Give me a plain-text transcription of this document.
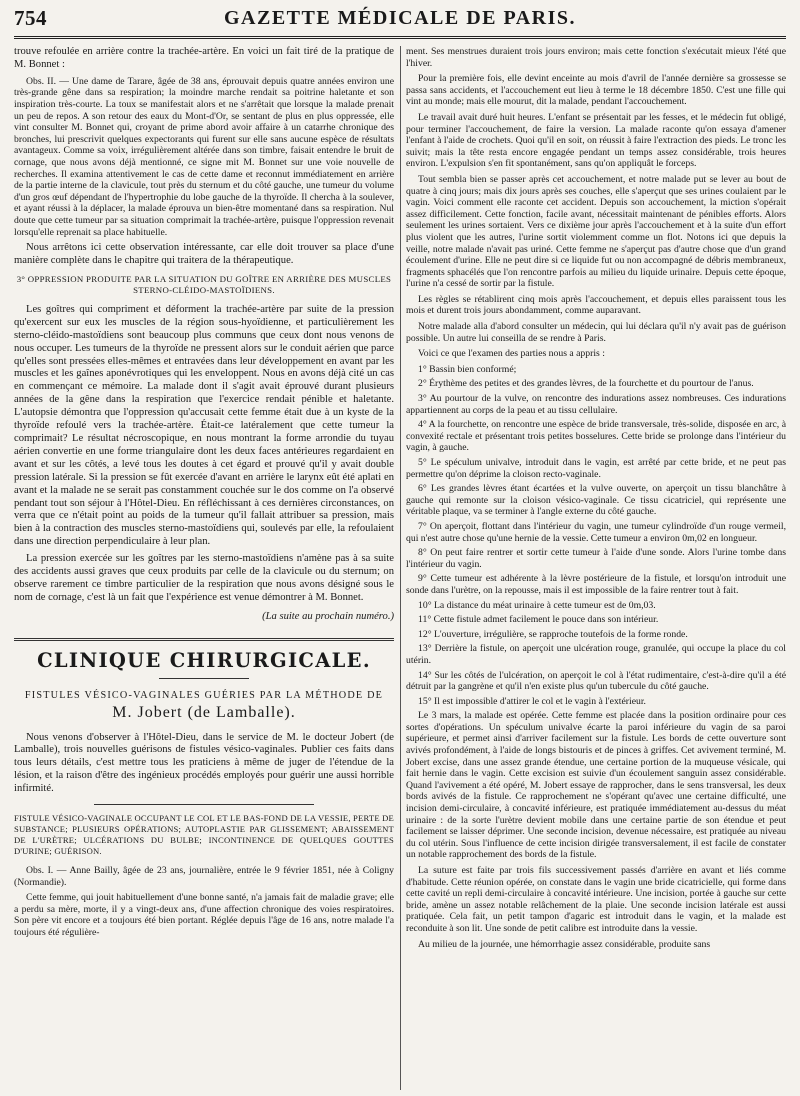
754	GAZETTE MÉDICALE DE PARIS.

trouve refoulée en arrière contre la trachée-artère. En voici un fait tiré de la pratique de M. Bonnet :

Obs. II. — Une dame de Tarare, âgée de 38 ans, éprouvait depuis quatre années environ une très-grande gêne dans sa respiration; la moindre marche rendait sa poitrine haletante et son inspiration très-courte. La toux se manifestait alors et ne s'arrêtait que lorsque la malade prenait un peu de repos. A son retour des eaux du Mont-d'Or, se sentant de plus en plus oppressée, elle vint consulter M. Bonnet qui, croyant de prime abord avoir affaire à un catarrhe chronique des bronches, lui prescrivit quelques expectorants qui furent sur elle sans aucune espèce de résultats avantageux. Comme sa voix, irrégulièrement altérée dans son timbre, faisait entendre le bruit de cornage, que nous avons déjà mentionné, ce signe mit M. Bonnet sur une voie nouvelle de recherches. Il examina attentivement le cas de cette dame et reconnut immédiatement en arrière de la partie interne de la clavicule, tout près du sternum et du côté gauche, une tumeur du volume d'un gros œuf dépendant de l'hypertrophie du lobe gauche de la thyroïde. Il chercha à la soulever, et ayant réussi à la déplacer, la malade éprouva un bien-être momentané dans sa respiration. Nul doute que cette tumeur par sa situation comprimait la trachée-artère, puisque l'oppression revenait lorsqu'elle reprenait sa place habituelle.

Nous arrêtons ici cette observation intéressante, car elle doit trouver sa place d'une manière complète dans le chapitre qui traitera de la thérapeutique.

3° OPPRESSION PRODUITE PAR LA SITUATION DU GOÎTRE EN ARRIÈRE DES MUSCLES STERNO-CLÉIDO-MASTOÏDIENS.

Les goîtres qui compriment et déforment la trachée-artère par suite de la pression qu'exercent sur eux les muscles de la région sous-hyoïdienne, et particulièrement les sterno-cléido-mastoïdiens sont beaucoup plus communs que ceux dont nous venons de nous occuper. Les tumeurs de la thyroïde ne pressent alors sur le conduit aérien que parce qu'elles sont pressées elles-mêmes et entravées dans leur développement en avant par les muscles et les gaînes aponévrotiques qui les enveloppent. Nous en avons déjà cité un cas en commençant ce mémoire. La malade dont il s'agit avait éprouvé durant plusieurs années de la gêne dans la respiration que l'exercice rendait pénible et haletante. L'autopsie démontra que l'oppression qu'accusait cette femme était due à un kyste de la thyroïde refoulé vers la trachée-artère. Était-ce latéralement que cette tumeur la comprimait? Le résultat nécroscopique, en nous montrant la forme arrondie du tuyau aérien convertie en une forme triangulaire dont les deux faces antérieures regardaient en avant et sur les côtés, a levé tous les doutes à cet égard et prouvé qu'il y avait double pression latérale. Si la pression se fût exercée d'avant en arrière le larynx eût été aplati en avant et la malade ne se serait pas constamment couchée sur le dos comme on l'a observé pendant tout son séjour à l'Hôtel-Dieu. En réfléchissant à ces dernières circonstances, on verra que ce n'était point au poids de la tumeur qu'il fallait attribuer sa pression, mais bien à la contraction des muscles sterno-mastoïdiens qui, soulevés par elle, la refoulaient dans une direction perpendiculaire à leur plan.

La pression exercée sur les goîtres par les sterno-mastoïdiens n'amène pas à sa suite des accidents aussi graves que ceux produits par celle de la clavicule ou du sternum; on observe rarement ce timbre particulier de la respiration que nous avons désigné sous le nom de cornage, c'est là un fait que l'expérience est venue démontrer à M. Bonnet.

(La suite au prochain numéro.)

CLINIQUE CHIRURGICALE.
FISTULES VÉSICO-VAGINALES GUÉRIES PAR LA MÉTHODE DE
M. Jobert (de Lamballe).

Nous venons d'observer à l'Hôtel-Dieu, dans le service de M. le docteur Jobert (de Lamballe), trois nouvelles guérisons de fistules vésico-vaginales. Publier ces faits dans tous leurs détails, c'est mettre tous les praticiens à même de juger de l'étendue de la lésion, et la raison d'être des ingénieux procédés employés pour guérir une aussi horrible infirmité.

FISTULE VÉSICO-VAGINALE OCCUPANT LE COL ET LE BAS-FOND DE LA VESSIE, PERTE DE SUBSTANCE; PLUSIEURS OPÉRATIONS; AUTOPLASTIE PAR GLISSEMENT; ABAISSEMENT DE L'URÈTRE; ULCÉRATIONS DU BULBE; INCONTINENCE DE QUELQUES GOUTTES D'URINE; GUÉRISON.

Obs. I. — Anne Bailly, âgée de 23 ans, journalière, entrée le 9 février 1851, née à Coligny (Normandie).

Cette femme, qui jouit habituellement d'une bonne santé, n'a jamais fait de maladie grave; elle a perdu sa mère, morte, il y a vingt-deux ans, d'une affection chronique des voies respiratoires. Son père vit encore et a toujours été bien portant. Réglée depuis l'âge de 16 ans, notre malade l'a toujours été régulière-

ment. Ses menstrues duraient trois jours environ; mais cette fonction s'exécutait mieux l'été que l'hiver.

Pour la première fois, elle devint enceinte au mois d'avril de l'année dernière sa grossesse se passa sans accidents, et l'accouchement eut lieu à terme le 18 décembre 1850. C'est une fille qui vint au monde; mais elle mourut, dit la malade, pendant l'accouchement.

Le travail avait duré huit heures. L'enfant se présentait par les fesses, et le médecin fut obligé, pour terminer l'accouchement, de faire la version. La malade raconte qu'on essaya d'amener l'enfant à l'aide de crochets. Quoi qu'il en soit, on réussit à faire l'extraction des pieds. Le tronc les suivit; mais la tête resta encore engagée pendant un temps assez considérable, trois heures environ. L'expulsion s'en fit spontanément, sans qu'on appliquât le forceps.

Tout sembla bien se passer après cet accouchement, et notre malade put se lever au bout de quatre à cinq jours; mais dix jours après ses couches, elle s'aperçut que ses urines coulaient par le vagin. Voici comment elle raconte cet accident. Depuis son accouchement, la miction s'opérait assez difficilement. Cette fonction, facile avant, nécessitait maintenant de pénibles efforts. Alors seulement les urines sortaient. Vers ce dixième jour après l'accouchement et à la suite d'un effort plus violent que les autres, l'urine sortit violemment comme un flot. Notons ici que depuis la veille, notre malade n'avait pas uriné. Cette femme ne s'aperçut pas d'autre chose que d'un grand écoulement d'urine. Elle ne peut dire si ce liquide fut ou non accompagné de débris membraneux, fragments sphacélés que l'on rencontre parfois au milieu du liquide urinaire. Depuis cette époque, l'urine n'a cessé de sortir par la fistule.

Les règles se rétablirent cinq mois après l'accouchement, et depuis elles paraissent tous les mois et durent trois jours abondamment, comme auparavant.

Notre malade alla d'abord consulter un médecin, qui lui déclara qu'il n'y avait pas de guérison possible. Un autre lui conseilla de se rendre à Paris.

Voici ce que l'examen des parties nous a appris :

1° Bassin bien conformé;

2° Érythème des petites et des grandes lèvres, de la fourchette et du pourtour de l'anus.

3° Au pourtour de la vulve, on rencontre des indurations assez nombreuses. Ces indurations appartiennent au corps de la peau et au tissu cellulaire.

4° A la fourchette, on rencontre une espèce de bride transversale, très-solide, disposée en arc, à convexité rectale et présentant trois petites bosselures. Cette bride se prolonge dans l'intérieur du vagin, à gauche.

5° Le spéculum univalve, introduit dans le vagin, est arrêté par cette bride, et ne peut pas permettre qu'on déprime la cloison recto-vaginale.

6° Les grandes lèvres étant écartées et la vulve ouverte, on aperçoit un tissu blanchâtre à gauche qui remonte sur la cloison vésico-vaginale. Ce tissu cicatriciel, qui représente une véritable plaque, va se terminer à l'angle externe du côté gauche.

7° On aperçoit, flottant dans l'intérieur du vagin, une tumeur cylindroïde d'un rouge vermeil, qui n'est autre chose qu'une hernie de la vessie. Cette tumeur a environ 0m,02 en longueur.

8° On peut faire rentrer et sortir cette tumeur à l'aide d'une sonde. Alors l'urine tombe dans l'intérieur du vagin.

9° Cette tumeur est adhérente à la lèvre postérieure de la fistule, et lorsqu'on introduit une sonde dans l'urètre, on la repousse, mais il est impossible de la faire rentrer tout à fait.

10° La distance du méat urinaire à cette tumeur est de 0m,03.

11° Cette fistule admet facilement le pouce dans son intérieur.

12° L'ouverture, irrégulière, se rapproche toutefois de la forme ronde.

13° Derrière la fistule, on aperçoit une ulcération rouge, granulée, qui occupe la place du col utérin.

14° Sur les côtés de l'ulcération, on aperçoit le col à l'état rudimentaire, c'est-à-dire qu'il a été détruit par la gangrène et qu'il n'en existe plus qu'un tubercule du côté gauche.

15° Il est impossible d'attirer le col et le vagin à l'extérieur.

Le 3 mars, la malade est opérée. Cette femme est placée dans la position ordinaire pour ces sortes d'opérations. Un spéculum univalve écarte la paroi inférieure du vagin de sa paroi supérieure, et permet ainsi d'arriver facilement sur la fistule. Les bords de cette ouverture sont avivés profondément, à l'aide de longs bistouris et de pinces à griffes. Cet avivement terminé, M. Jobert excise, dans une assez grande étendue, une certaine portion de la muqueuse vésicale, qui fait hernie dans le vagin. Cette excision est suivie d'un écoulement sanguin assez considérable. Quand l'avivement a été opéré, M. Jobert essaye de rapprocher, dans le sens transversal, les deux bords avivés de la fistule. Ce rapprochement ne s'opérant qu'avec une certaine difficulté, une incision demi-circulaire, à concavité inférieure, est pratiquée immédiatement au-dessus du méat urinaire : de la sorte l'urètre devient mobile dans une certaine partie de son étendue et peut facilement se laisser déprimer. Une seconde incision, devenue nécessaire, est pratiquée au niveau du col utérin. Sous l'influence de cette incision dirigée transversalement, il est facile de constater un notable rapprochement des bords de la fistule.

La suture est faite par trois fils successivement passés d'arrière en avant et liés comme d'habitude. Cette réunion opérée, on constate dans le vagin une bride cicatricielle, qui forme dans cette cavité un repli demi-circulaire à concavité intérieure. Une incision, portée à gauche sur cette bride, amène un assez notable relâchement de la plaie. Une seconde incision latérale est aussi pratiquée. Cela fait, un petit tampon d'agaric est introduit dans le vagin, et la malade est reconduite à son lit. Une sonde de petit calibre est introduite dans la vessie.

Au milieu de la journée, une hémorrhagie assez considérable, produite sans
